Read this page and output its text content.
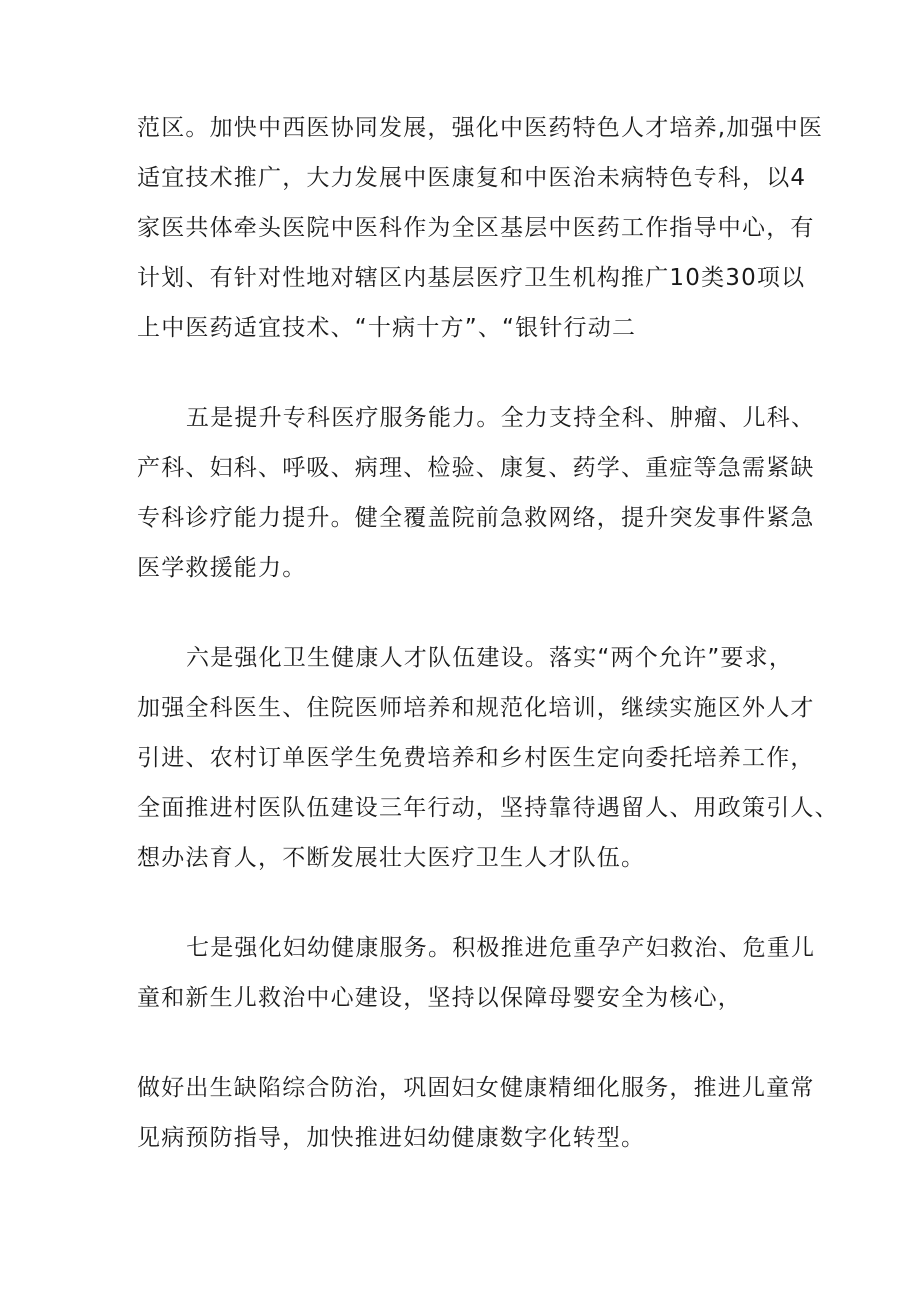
范区。加快中西医协同发展，强化中医药特色人才培养,加强中医
适宜技术推广，大力发展中医康复和中医治未病特色专科，以4
家医共体牵头医院中医科作为全区基层中医药工作指导中心，有
计划、有针对性地对辖区内基层医疗卫生机构推广10类30项以
上中医药适宜技术、“十病十方”、“银针行动二
五是提升专科医疗服务能力。全力支持全科、肿瘤、儿科、
产科、妇科、呼吸、病理、检验、康复、药学、重症等急需紧缺
专科诊疗能力提升。健全覆盖院前急救网络，提升突发事件紧急
医学救援能力。
六是强化卫生健康人才队伍建设。落实“两个允许”要求，
加强全科医生、住院医师培养和规范化培训，继续实施区外人才
引进、农村订单医学生免费培养和乡村医生定向委托培养工作，
全面推进村医队伍建设三年行动，坚持靠待遇留人、用政策引人、
想办法育人，不断发展壮大医疗卫生人才队伍。
七是强化妇幼健康服务。积极推进危重孕产妇救治、危重儿
童和新生儿救治中心建设，坚持以保障母婴安全为核心，
做好出生缺陷综合防治，巩固妇女健康精细化服务，推进儿童常
见病预防指导，加快推进妇幼健康数字化转型。
